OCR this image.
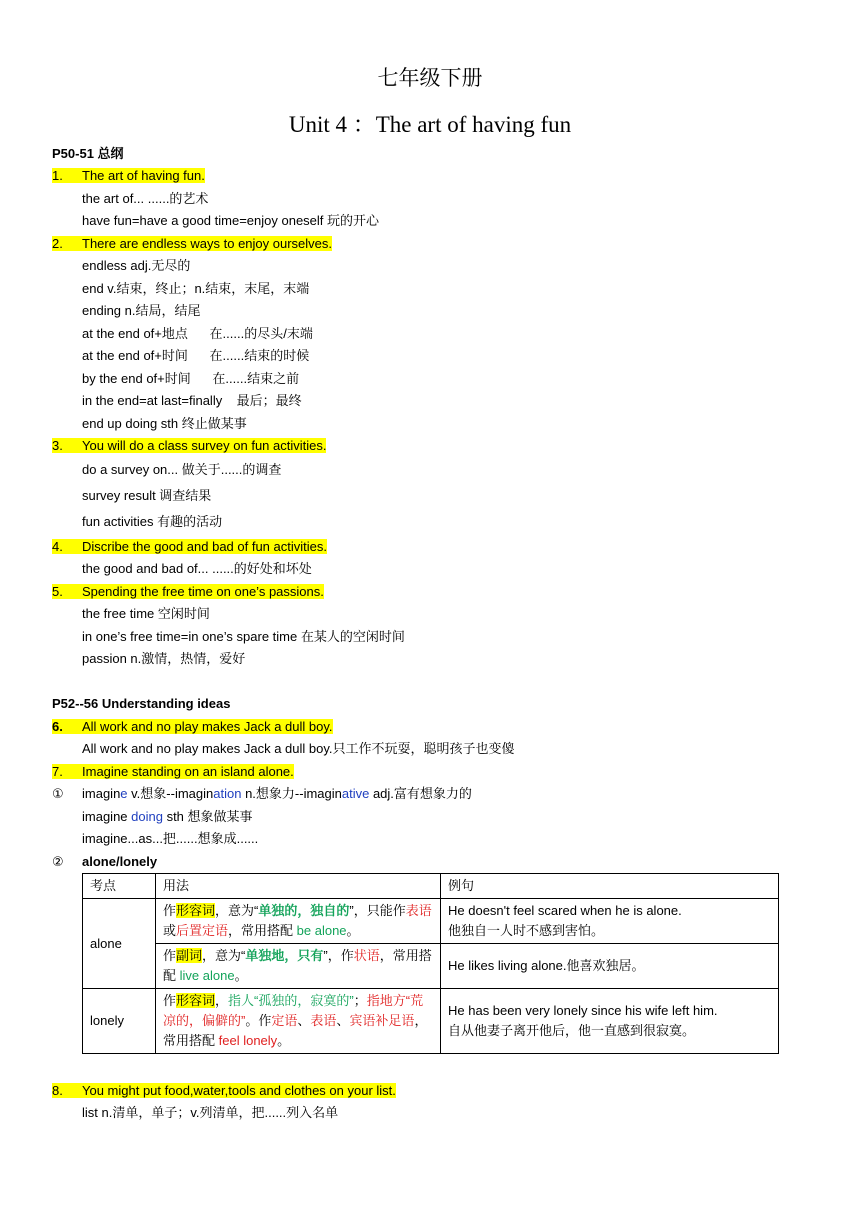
七年级下册
Unit 4 ：The art of having fun
P50-51 总纲
1. The art of having fun.
the art of... ......的艺术
have fun=have a good time=enjoy oneself 玩的开心
2. There are endless ways to enjoy ourselves.
endless adj.无尽的
end v.结束，终止；n.结束，末尾，末端
ending n.结局，结尾
at the end of+地点      在......的尽头/末端
at the end of+时间      在......结束的时候
by the end of+时间      在......结束之前
in the end=at last=finally    最后；最终
end up doing sth 终止做某事
3. You will do a class survey on fun activities.
do a survey on... 做关于......的调查
survey result 调查结果
fun activities 有趣的活动
4. Discribe the good and bad of fun activities.
the good and bad of... ......的好处和坏处
5. Spending the free time on one’s passions.
the free time 空闲时间
in one’s free time=in one’s spare time 在某人的空闲时间
passion n.激情，热情，爱好
P52--56 Understanding ideas
6. All work and no play makes Jack a dull boy.
All work and no play makes Jack a dull boy.只工作不玩耍，聪明孩子也变傻
7. Imagine standing on an island alone.
① imagine v.想象--imagination n.想象力--imaginative adj.富有想象力的
imagine doing sth 想象做某事
imagine...as...把......想象成......
② alone/lonely
考点	用法	例句
alone	作形容词，意为“单独的，独自的”，只能作表语或后置定语，常用搭配 be alone。	He doesn't feel scared when he is alone.
他独自一人时不感到害怕。

	作副词，意为“单独地，只有”，作状语，常用搭配 live alone。	He likes living alone.他喜欢独居。
lonely	作形容词，指人“孤独的，寂寞的”；指地方“荒凉的，偏僻的”。作定语、表语、宾语补足语，常用搭配 feel lonely。	He has been very lonely since his wife left him.
自从他妻子离开他后，他一直感到很寂寞。
8. You might put food,water,tools and clothes on your list.
list n.清单，单子；v.列清单，把......列入名单
